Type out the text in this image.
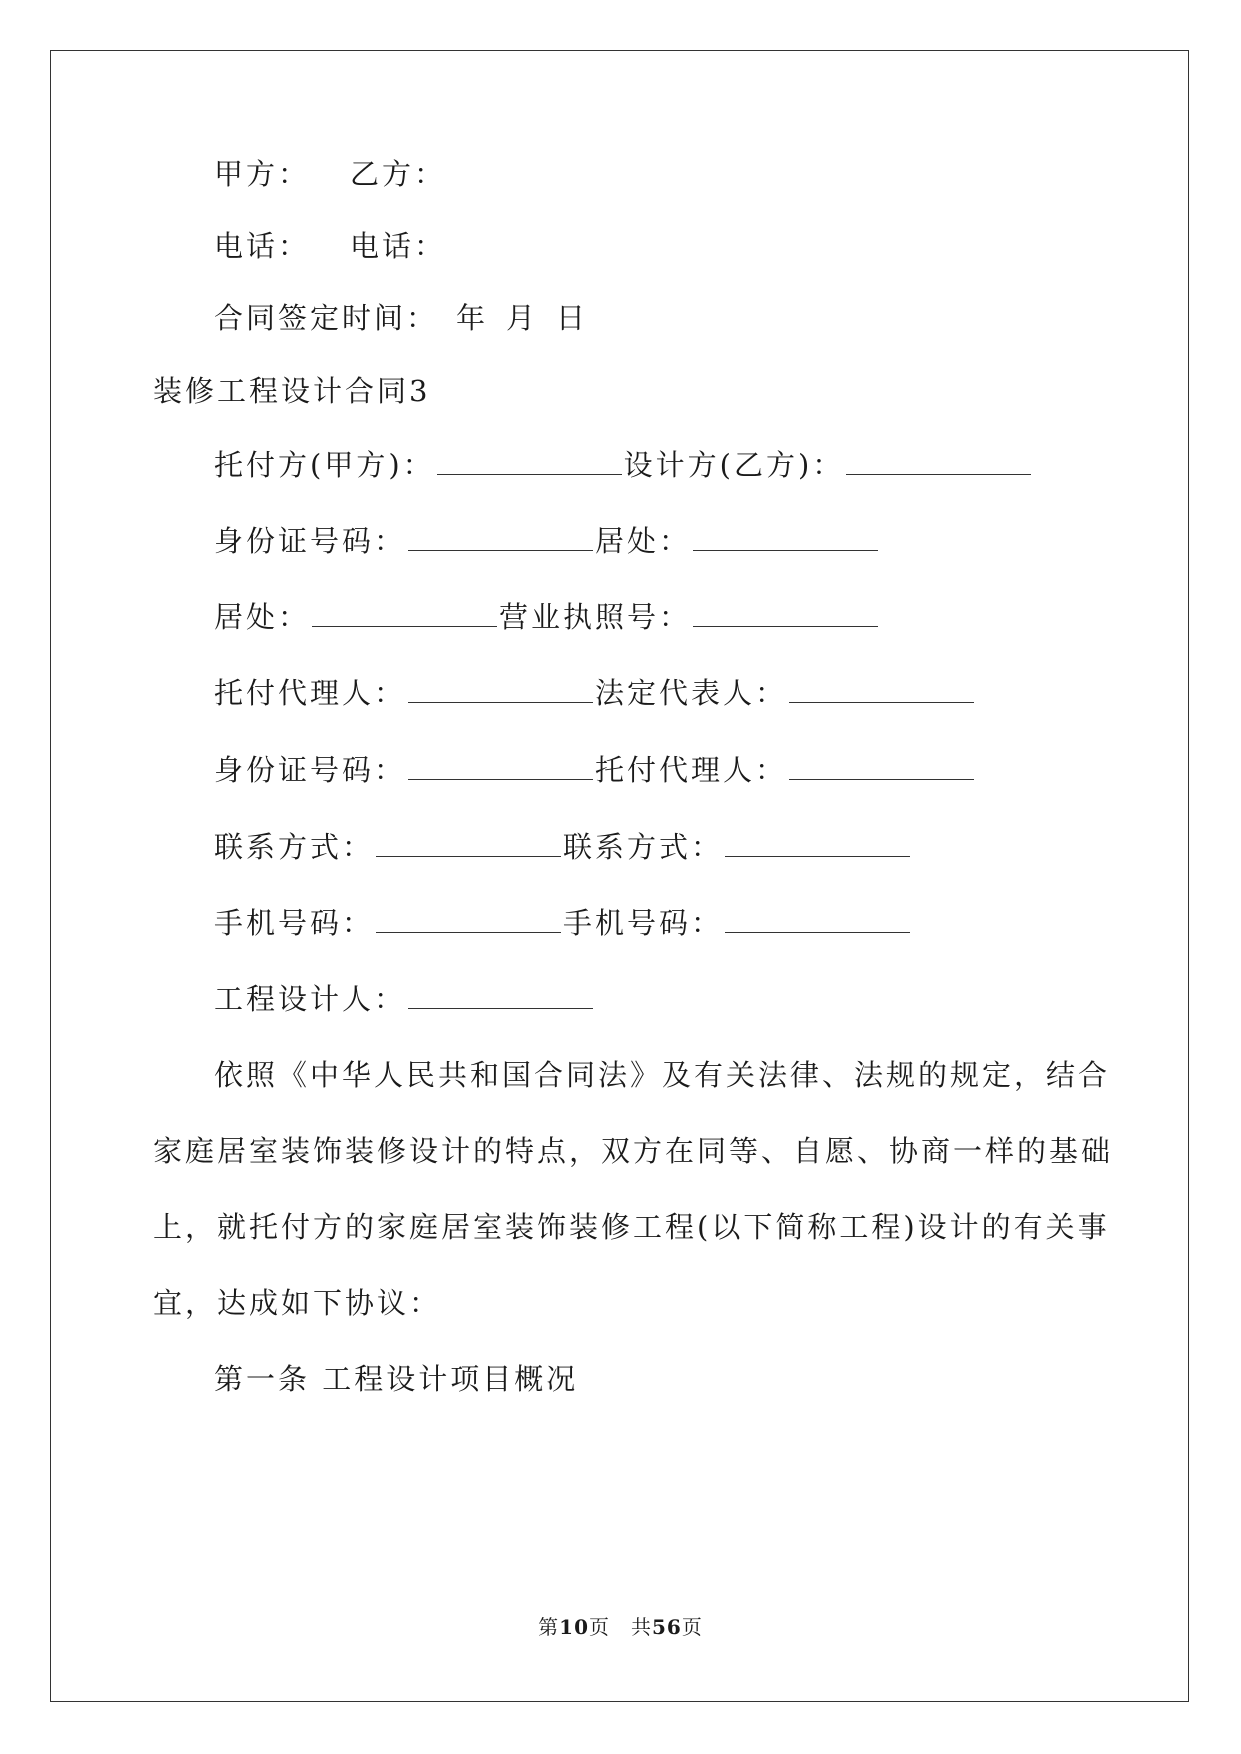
甲方： 乙方：
电话： 电话：
合同签定时间： 年 月 日
装修工程设计合同3
托付方(甲方)：	设计方(乙方)：
身份证号码：	居处：
居处：	营业执照号：
托付代理人：	法定代表人：
身份证号码：	托付代理人：
联系方式：	联系方式：
手机号码：	手机号码：
工程设计人：
依照《中华人民共和国合同法》及有关法律、法规的规定，结合
家庭居室装饰装修设计的特点，双方在同等、自愿、协商一样的基础
上，就托付方的家庭居室装饰装修工程(以下简称工程)设计的有关事
宜，达成如下协议：
第一条 工程设计项目概况
第10页　共56页
